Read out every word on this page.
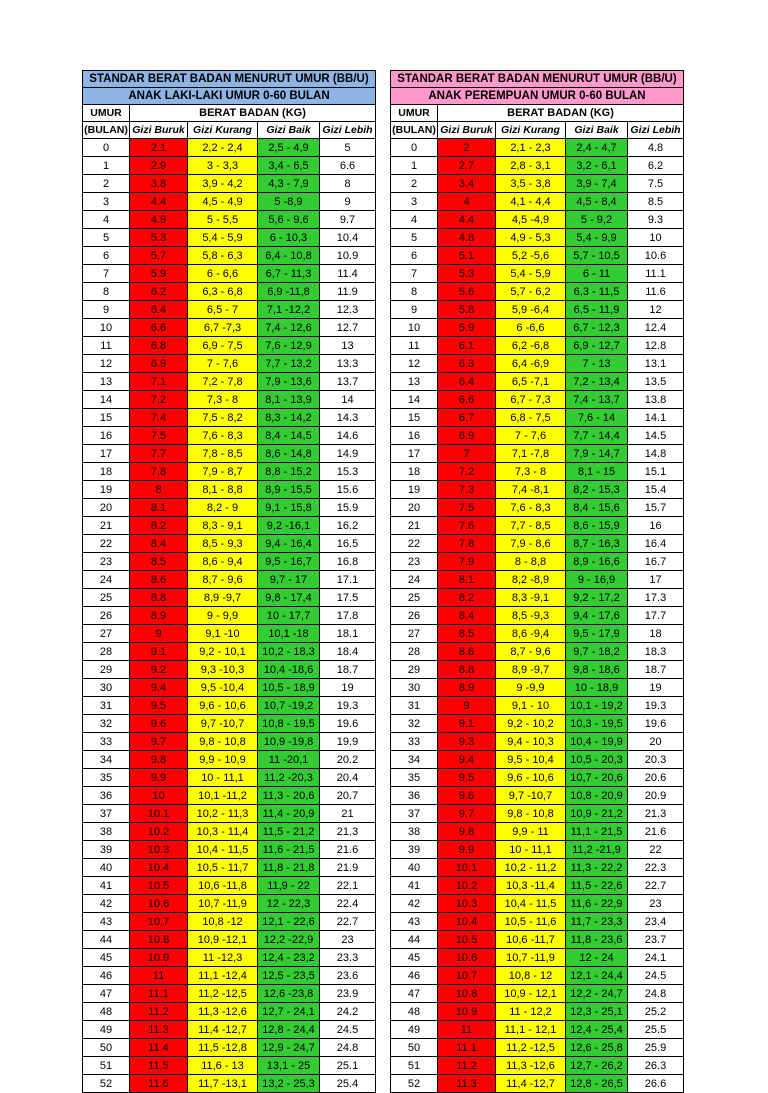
STANDAR BERAT BADAN MENURUT UMUR (BB/U)				

ANAK LAKI-LAKI UMUR 0-60 BULAN				

UMUR	BERAT BADAN (KG)			
(BULAN)	Gizi Buruk	Gizi Kurang	Gizi Baik	Gizi Lebih
0	2.1	2,2 - 2,4	2,5 - 4,9	5
1	2.9	3 - 3,3	3,4 - 6,5	6.6
2	3.8	3,9 - 4,2	4,3 - 7,9	8
3	4.4	4,5 - 4,9	5 -8,9	9
4	4.9	5 - 5,5	5,6 - 9,6	9.7
5	5.3	5,4 - 5,9	6 - 10,3	10.4
6	5.7	5,8 - 6,3	6,4 - 10,8	10.9
7	5.9	6 - 6,6	6,7 - 11,3	11.4
8	6.2	6,3 - 6,8	6,9 -11,8	11.9
9	6.4	6,5 - 7	7,1 -12,2	12.3
10	6.6	6,7 -7,3	7,4 - 12,6	12.7
11	6.8	6,9 - 7,5	7,6 - 12,9	13
12	6.9	7 - 7,6	7,7 - 13,2	13.3
13	7.1	7,2 - 7,8	7,9 - 13,6	13.7
14	7.2	7,3 - 8	8,1 - 13,9	14
15	7.4	7,5 - 8,2	8,3 - 14,2	14.3
16	7.5	7,6 - 8,3	8,4 - 14,5	14.6
17	7.7	7,8 - 8,5	8,6 - 14,8	14.9
18	7.8	7,9 - 8,7	8,8 - 15,2	15.3
19	8	8,1 - 8,8	8,9 - 15,5	15.6
20	8.1	8,2 - 9	9,1 - 15,8	15.9
21	8.2	8,3 - 9,1	9,2 -16,1	16.2
22	8.4	8,5 - 9,3	9,4 - 16,4	16.5
23	8.5	8,6 - 9,4	9,5 - 16,7	16.8
24	8.6	8,7 - 9,6	9,7 - 17	17.1
25	8.8	8,9 -9,7	9,8 - 17,4	17.5
26	8.9	9 - 9,9	10 - 17,7	17.8
27	9	9,1 -10	10,1 -18	18.1
28	9.1	9,2 - 10,1	10,2 - 18,3	18.4
29	9.2	9,3 -10,3	10,4 -18,6	18.7
30	9.4	9,5 -10,4	10,5 - 18,9	19
31	9.5	9,6 - 10,6	10,7 -19,2	19.3
32	9.6	9,7 -10,7	10,8 - 19,5	19.6
33	9.7	9,8 - 10,8	10,9 -19,8	19.9
34	9.8	9,9 - 10,9	11 -20,1	20.2
35	9.9	10 - 11,1	11,2 -20,3	20.4
36	10	10,1 -11,2	11,3 - 20,6	20.7
37	10.1	10,2 - 11,3	11,4 - 20,9	21
38	10.2	10,3 - 11,4	11,5 - 21,2	21.3
39	10.3	10,4 - 11,5	11,6 - 21,5	21.6
40	10.4	10,5 - 11,7	11,8 - 21,8	21.9
41	10.5	10,6 -11,8	11,9 - 22	22.1
42	10.6	10,7 -11,9	12 - 22,3	22.4
43	10.7	10,8 -12	12,1 - 22,6	22.7
44	10.8	10,9 -12,1	12,2 -22,9	23
45	10.9	11 -12,3	12,4 - 23,2	23.3
46	11	11,1 -12,4	12,5 - 23,5	23.6
47	11.1	11,2 -12,5	12,6 -23,8	23.9
48	11.2	11,3 -12,6	12,7 - 24,1	24.2
49	11.3	11,4 -12,7	12,8 - 24,4	24.5
50	11.4	11,5 -12,8	12,9 - 24,7	24.8
51	11.5	11,6 - 13	13,1 - 25	25.1
52	11.6	11,7 -13,1	13,2 - 25,3	25.4
STANDAR BERAT BADAN MENURUT UMUR (BB/U)				

ANAK PEREMPUAN UMUR 0-60 BULAN				

UMUR	BERAT BADAN (KG)			
(BULAN)	Gizi Buruk	Gizi Kurang	Gizi Baik	Gizi Lebih
0	2	2,1 - 2,3	2,4 - 4,7	4.8
1	2.7	2,8 - 3,1	3,2 - 6,1	6.2
2	3.4	3,5 - 3,8	3,9 - 7,4	7.5
3	4	4,1 - 4,4	4,5 - 8,4	8.5
4	4.4	4,5 -4,9	5 - 9,2	9.3
5	4.8	4,9 - 5,3	5,4 - 9,9	10
6	5.1	5,2 -5,6	5,7 - 10,5	10.6
7	5.3	5,4 - 5,9	6 - 11	11.1
8	5.6	5,7 - 6,2	6,3 - 11,5	11.6
9	5.8	5,9 -6,4	6,5 - 11,9	12
10	5.9	6 -6,6	6,7 - 12,3	12.4
11	6.1	6,2 -6,8	6,9 - 12,7	12.8
12	6.3	6,4 -6,9	7 - 13	13.1
13	6.4	6,5 -7,1	7,2 - 13,4	13.5
14	6.6	6,7 - 7,3	7,4 - 13,7	13.8
15	6.7	6,8 - 7,5	7,6 - 14	14.1
16	6.9	7 - 7,6	7,7 - 14,4	14.5
17	7	7,1 -7,8	7,9 - 14,7	14.8
18	7.2	7,3 - 8	8,1 - 15	15.1
19	7.3	7,4 -8,1	8,2 - 15,3	15.4
20	7.5	7,6 - 8,3	8,4 - 15,6	15.7
21	7.6	7,7 - 8,5	8,6 - 15,9	16
22	7.8	7,9 - 8,6	8,7 - 16,3	16.4
23	7.9	8 - 8,8	8,9 - 16,6	16.7
24	8.1	8,2 -8,9	9 - 16,9	17
25	8.2	8,3 -9,1	9,2 - 17,2	17.3
26	8.4	8,5 -9,3	9,4 - 17,6	17.7
27	8.5	8,6 -9,4	9,5 - 17,9	18
28	8.6	8,7 - 9,6	9,7 - 18,2	18.3
29	8.8	8,9 -9,7	9,8 - 18,6	18.7
30	8.9	9 -9,9	10 - 18,9	19
31	9	9,1 - 10	10,1 - 19,2	19.3
32	9.1	9,2 - 10,2	10,3 - 19,5	19.6
33	9.3	9,4 - 10,3	10,4 - 19,9	20
34	9.4	9,5 - 10,4	10,5 - 20,3	20.3
35	9.5	9,6 - 10,6	10,7 - 20,6	20.6
36	9.6	9,7 -10,7	10,8 - 20,9	20.9
37	9.7	9,8 - 10,8	10,9 - 21,2	21.3
38	9.8	9,9 - 11	11,1 - 21,5	21.6
39	9.9	10 - 11,1	11,2 -21,9	22
40	10.1	10,2 - 11,2	11,3 - 22,2	22.3
41	10.2	10,3 -11,4	11,5 - 22,6	22.7
42	10.3	10,4 - 11,5	11,6 - 22,9	23
43	10.4	10,5 - 11,6	11,7 - 23,3	23.4
44	10.5	10,6 -11,7	11,8 - 23,6	23.7
45	10.6	10,7 -11,9	12 - 24	24.1
46	10.7	10,8 - 12	12,1 - 24,4	24.5
47	10.8	10,9 - 12,1	12,2 - 24,7	24.8
48	10.9	11 - 12,2	12,3 - 25,1	25.2
49	11	11,1 - 12,1	12,4 - 25,4	25.5
50	11.1	11,2 -12,5	12,6 - 25,8	25.9
51	11.2	11,3 -12,6	12,7 - 26,2	26.3
52	11.3	11,4 -12,7	12,8 - 26,5	26.6
